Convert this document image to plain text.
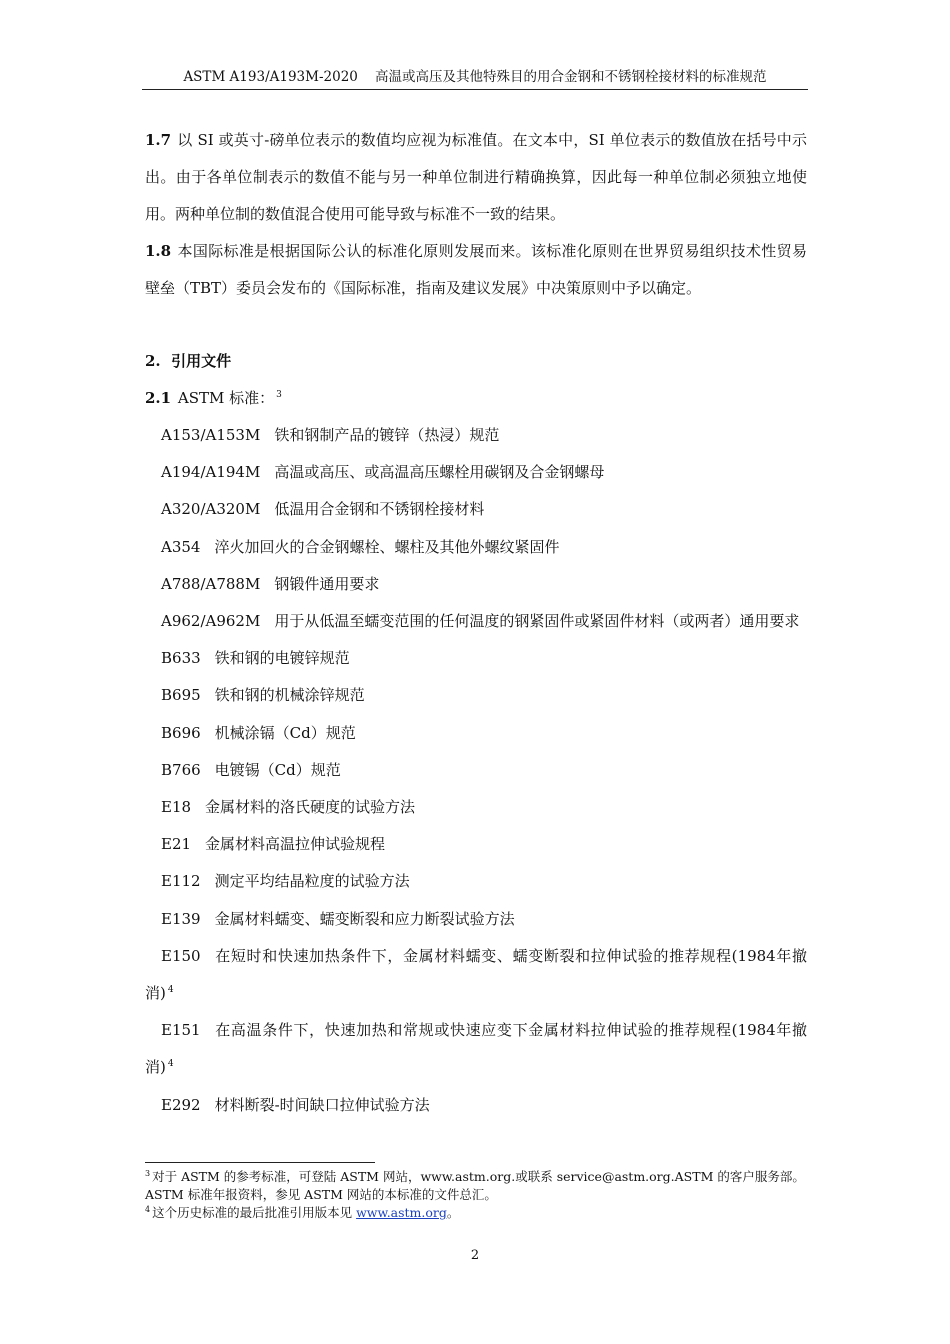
ASTM A193/A193M-2020    高温或高压及其他特殊目的用合金钢和不锈钢栓接材料的标准规范

1.7 以 SI 或英寸-磅单位表示的数值均应视为标准值。在文本中，SI 单位表示的数值放在括号中示出。由于各单位制表示的数值不能与另一种单位制进行精确换算，因此每一种单位制必须独立地使用。两种单位制的数值混合使用可能导致与标准不一致的结果。

1.8 本国际标准是根据国际公认的标准化原则发展而来。该标准化原则在世界贸易组织技术性贸易壁垒（TBT）委员会发布的《国际标准，指南及建议发展》中决策原则中予以确定。

2.  引用文件

2.1 ASTM 标准： $^3$

A153/A153M 铁和钢制产品的镀锌（热浸）规范

A194/A194M 高温或高压、或高温高压螺栓用碳钢及合金钢螺母

A320/A320M 低温用合金钢和不锈钢栓接材料

A354 淬火加回火的合金钢螺栓、螺柱及其他外螺纹紧固件

A788/A788M 钢锻件通用要求

A962/A962M 用于从低温至蠕变范围的任何温度的钢紧固件或紧固件材料（或两者）通用要求

B633 铁和钢的电镀锌规范

B695 铁和钢的机械涂锌规范

B696 机械涂镉（Cd）规范

B766 电镀锡（Cd）规范

E18 金属材料的洛氏硬度的试验方法

E21 金属材料高温拉伸试验规程

E112 测定平均结晶粒度的试验方法

E139 金属材料蠕变、蠕变断裂和应力断裂试验方法

E150 在短时和快速加热条件下，金属材料蠕变、蠕变断裂和拉伸试验的推荐规程(1984年撤消) $^4$

E151 在高温条件下，快速加热和常规或快速应变下金属材料拉伸试验的推荐规程(1984年撤消) $^4$

E292 材料断裂-时间缺口拉伸试验方法

$^3$ 对于 ASTM 的参考标准，可登陆 ASTM 网站，www.astm.org.或联系 service@astm.org.ASTM 的客户服务部。ASTM 标准年报资料，参见 ASTM 网站的本标准的文件总汇。

$^4$ 这个历史标准的最后批准引用版本见 www.astm.org。

2
